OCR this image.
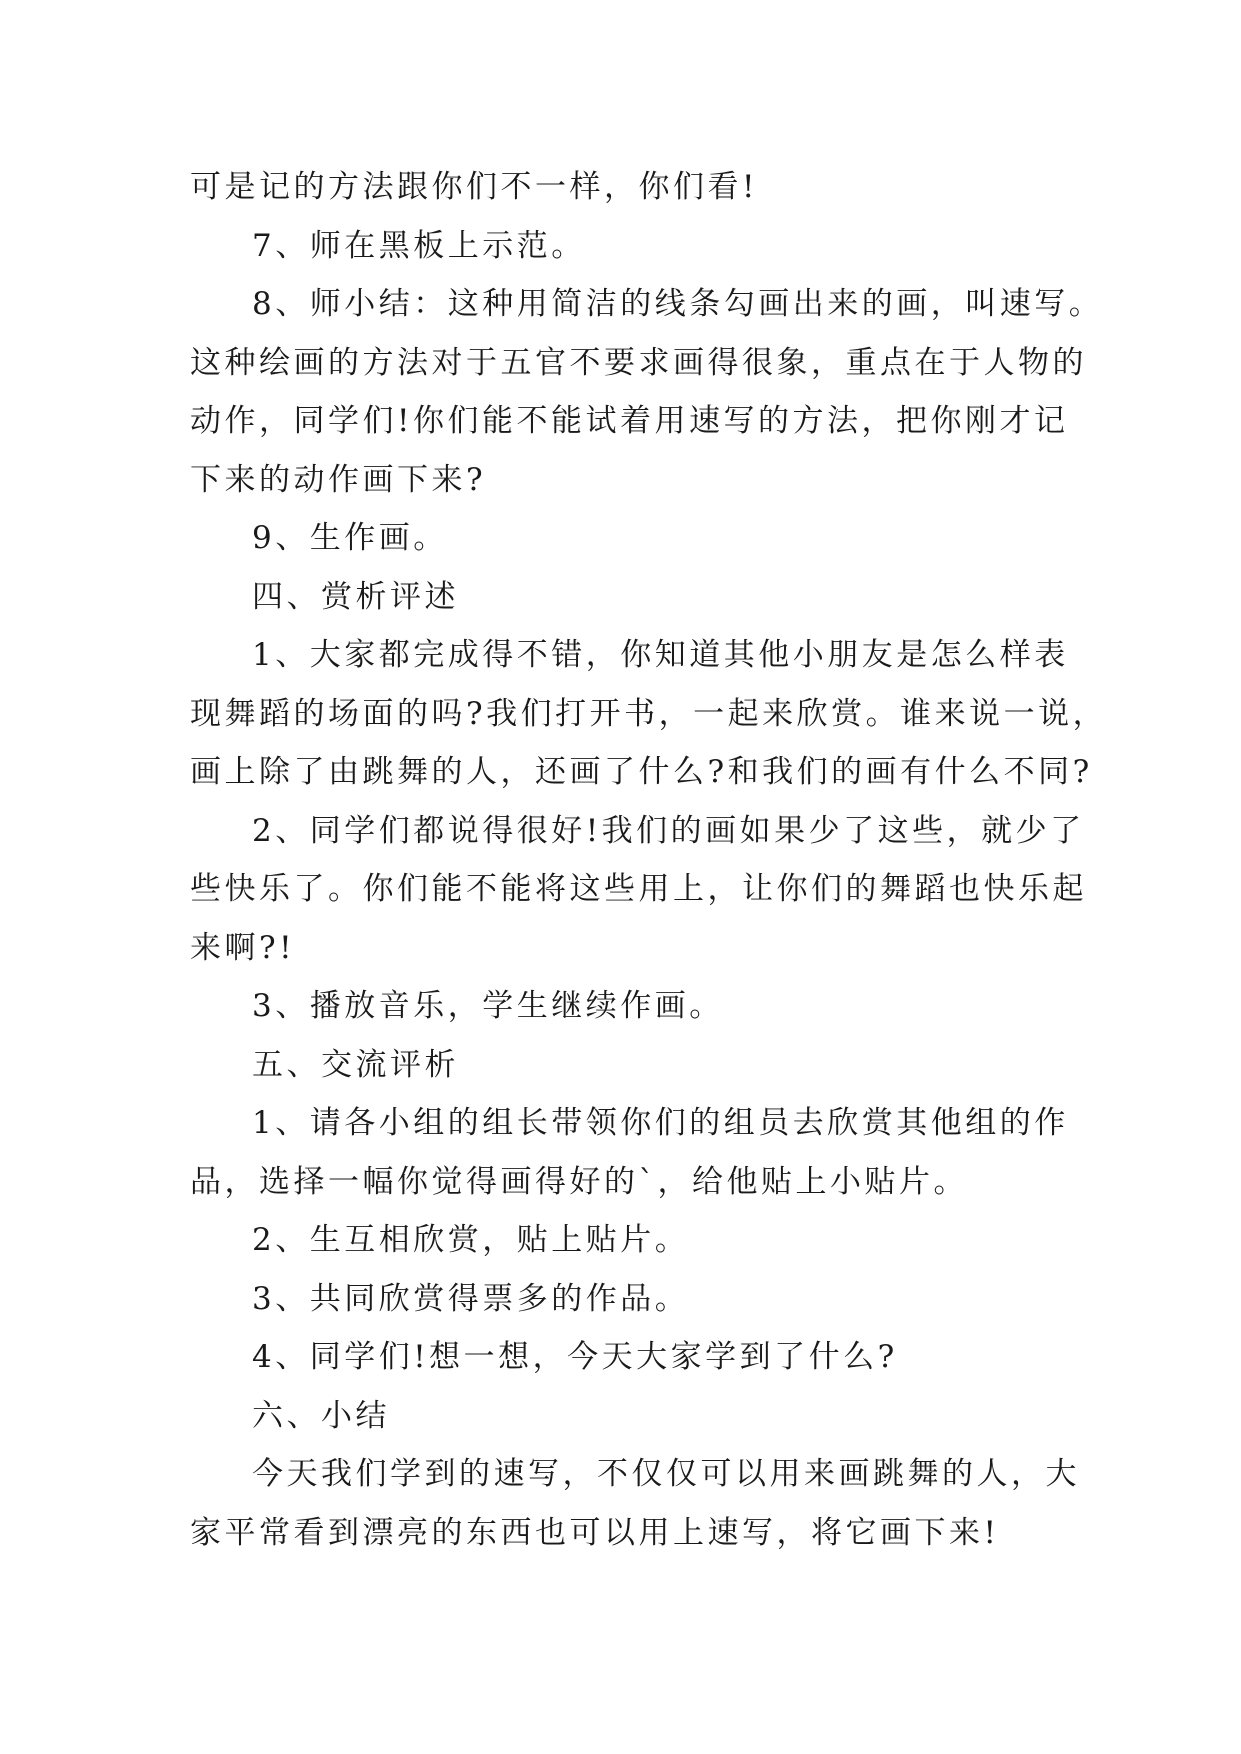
可是记的方法跟你们不一样，你们看!
7、师在黑板上示范。
8、师小结：这种用简洁的线条勾画出来的画，叫速写。
这种绘画的方法对于五官不要求画得很象，重点在于人物的
动作，同学们!你们能不能试着用速写的方法，把你刚才记
下来的动作画下来?
9、生作画。
四、赏析评述
1、大家都完成得不错，你知道其他小朋友是怎么样表
现舞蹈的场面的吗?我们打开书，一起来欣赏。谁来说一说，
画上除了由跳舞的人，还画了什么?和我们的画有什么不同?
2、同学们都说得很好!我们的画如果少了这些，就少了
些快乐了。你们能不能将这些用上，让你们的舞蹈也快乐起
来啊?!
3、播放音乐，学生继续作画。
五、交流评析
1、请各小组的组长带领你们的组员去欣赏其他组的作
品，选择一幅你觉得画得好的`，给他贴上小贴片。
2、生互相欣赏，贴上贴片。
3、共同欣赏得票多的作品。
4、同学们!想一想，今天大家学到了什么?
六、小结
今天我们学到的速写，不仅仅可以用来画跳舞的人，大
家平常看到漂亮的东西也可以用上速写，将它画下来!
